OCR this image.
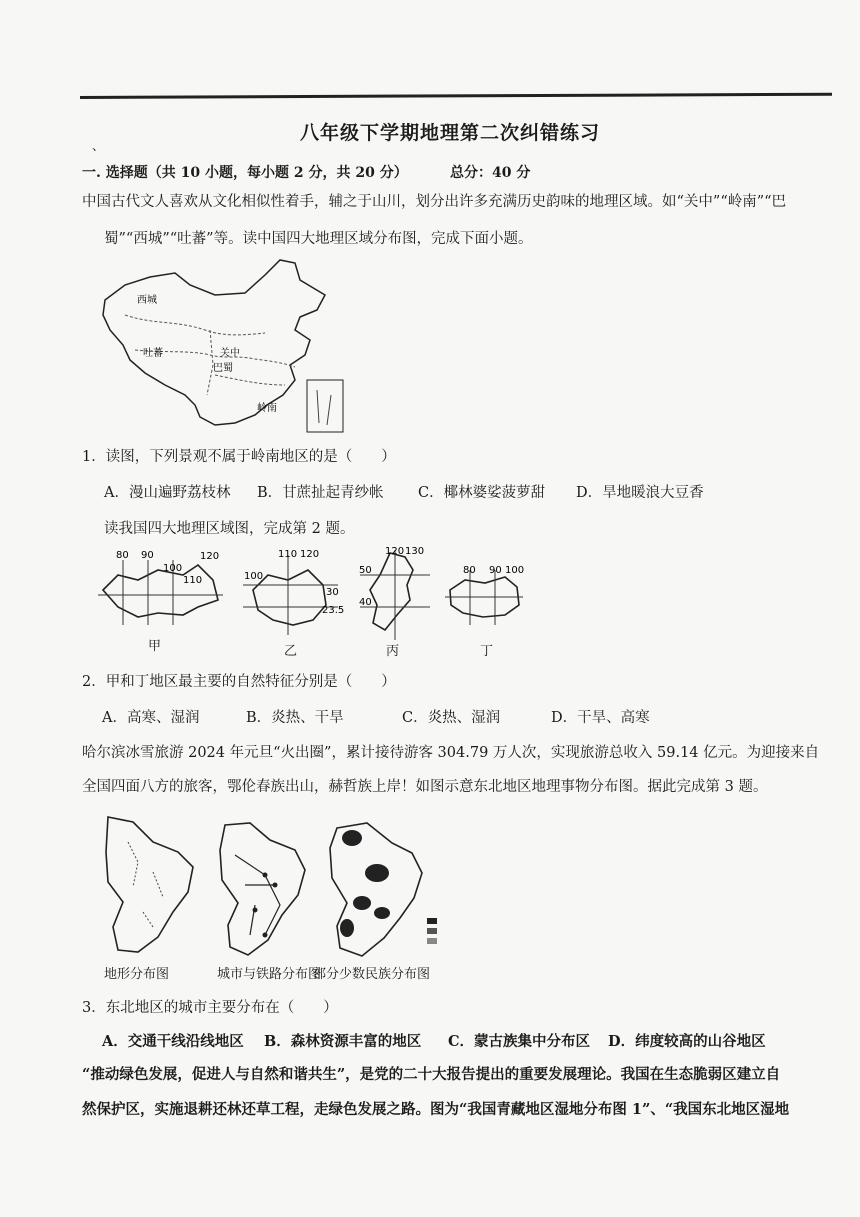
、
八年级下学期地理第二次纠错练习
一. 选择题（共 10 小题，每小题 2 分，共 20 分）	总分：40 分
中国古代文人喜欢从文化相似性着手，辅之于山川，划分出许多充满历史韵味的地理区域。如“关中”“岭南”“巴
蜀”“西城”“吐蕃”等。读中国四大地理区域分布图，完成下面小题。
西城
吐蕃	关中
巴蜀
岭南
1．读图，下列景观不属于岭南地区的是（　　）
A．漫山遍野荔枝林 B．甘蔗扯起青纱帐 C．椰林婆娑菠萝甜 D．旱地暖浪大豆香
读我国四大地理区域图，完成第 2 题。
80 90
100
110
120	110 120
100
30
23.5
120 130
50
40
80 90 100
甲	乙	丙	丁
2．甲和丁地区最主要的自然特征分别是（　　）
A．高寒、湿润	B．炎热、干旱	C．炎热、湿润	D．干旱、高寒
哈尔滨冰雪旅游 2024 年元旦“火出圈”，累计接待游客 304.79 万人次，实现旅游总收入 59.14 亿元。为迎接来自
全国四面八方的旅客，鄂伦春族出山，赫哲族上岸！如图示意东北地区地理事物分布图。据此完成第 3 题。
地形分布图	城市与铁路分布图
部分少数民族分布图
3．东北地区的城市主要分布在（　　）
A．交通干线沿线地区 B．森林资源丰富的地区 C．蒙古族集中分布区 D．纬度较高的山谷地区
“推动绿色发展，促进人与自然和谐共生”，是党的二十大报告提出的重要发展理论。我国在生态脆弱区建立自
然保护区，实施退耕还林还草工程，走绿色发展之路。图为“我国青藏地区湿地分布图 1”、“我国东北地区湿地
